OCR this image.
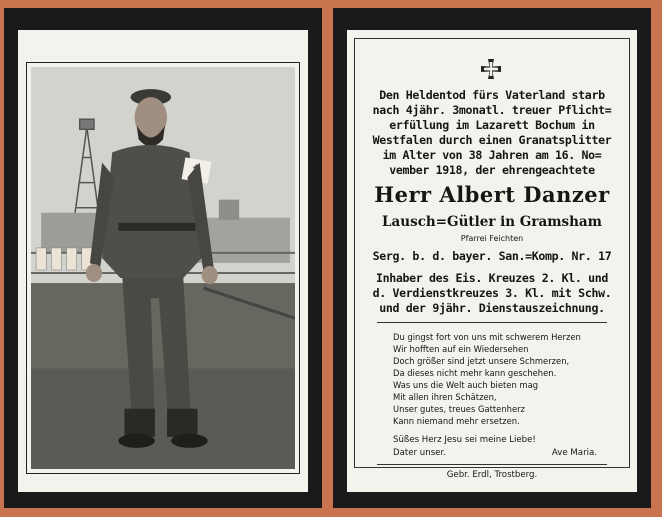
Den Heldentod fürs Vaterland starb
nach 4jähr. 3monatl. treuer Pflicht=
erfüllung im Lazarett Bochum in
Westfalen durch einen Granatsplitter
im Alter von 38 Jahren am 16. No=
vember 1918, der ehrengeachtete
Herr Albert Danzer
Lausch=Gütler in Gramsham
Pfarrei Feichten
Serg. b. d. bayer. San.=Komp. Nr. 17
Inhaber des Eis. Kreuzes 2. Kl. und
d. Verdienstkreuzes 3. Kl. mit Schw.
und der 9jähr. Dienstauszeichnung.
Du gingst fort von uns mit schwerem Herzen
Wir hofften auf ein Wiedersehen
Doch größer sind jetzt unsere Schmerzen,
Da dieses nicht mehr kann geschehen.
Was uns die Welt auch bieten mag
Mit allen ihren Schätzen,
Unser gutes, treues Gattenherz
Kann niemand mehr ersetzen.
Süßes Herz Jesu sei meine Liebe!
Dater unser.	Ave Maria.
Gebr. Erdl, Trostberg.
